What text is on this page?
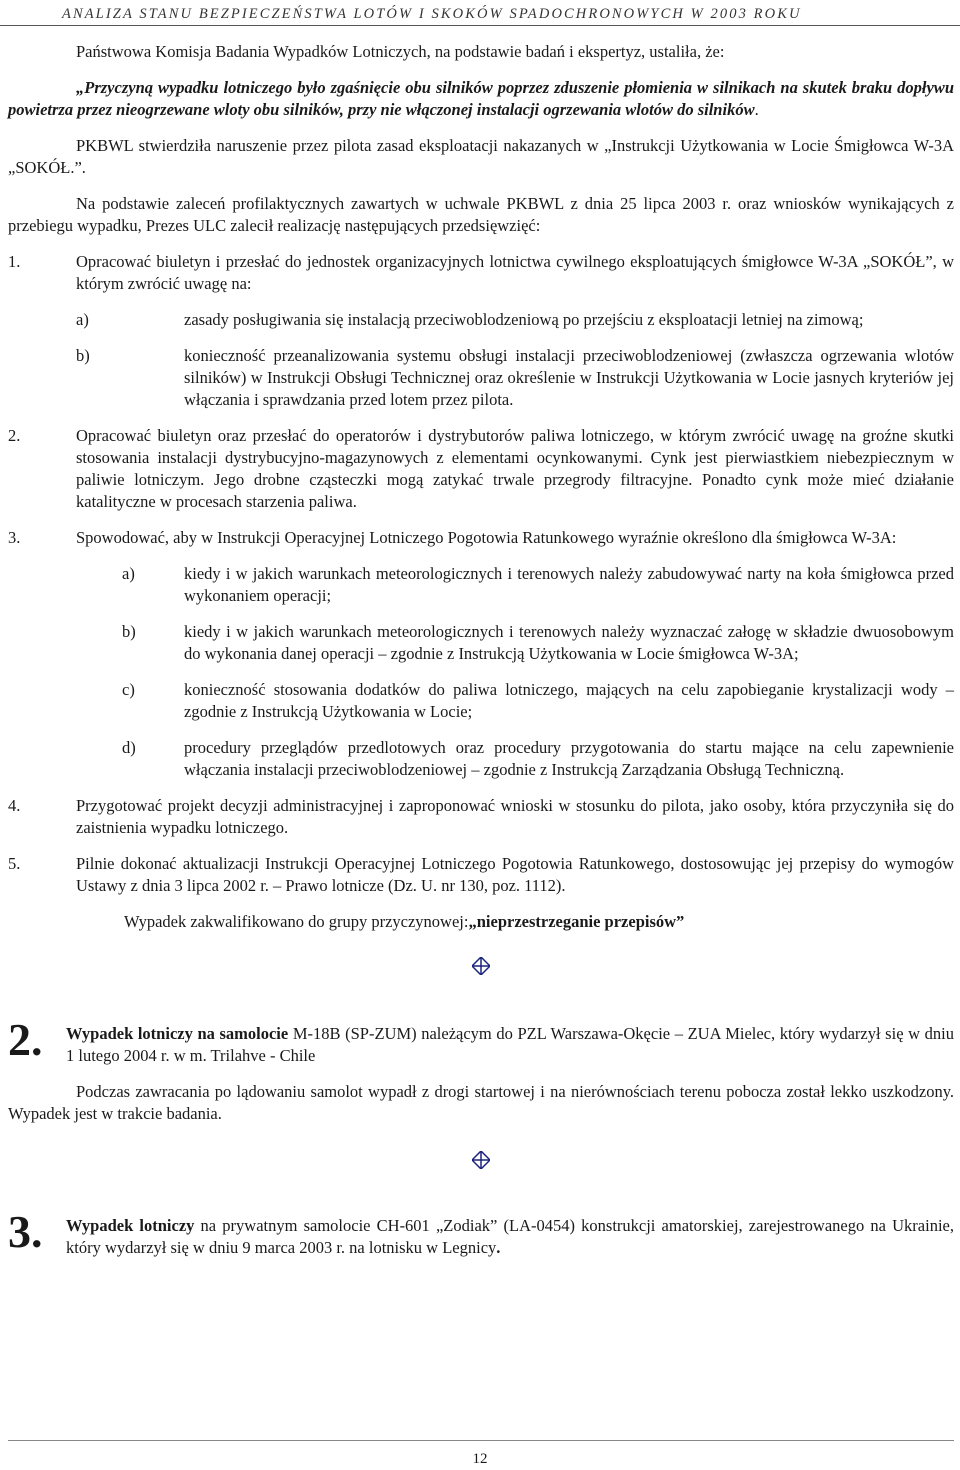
ANALIZA STANU BEZPIECZEŃSTWA LOTÓW I SKOKÓW SPADOCHRONOWYCH W 2003 ROKU

Państwowa Komisja Badania Wypadków Lotniczych, na podstawie badań i ekspertyz, ustaliła, że:

„Przyczyną wypadku lotniczego było zgaśnięcie obu silników poprzez zduszenie płomienia w silnikach na skutek braku dopływu powietrza przez nieogrzewane wloty obu silników, przy nie włączonej instalacji ogrzewania wlotów do silników.

PKBWL stwierdziła naruszenie przez pilota zasad eksploatacji nakazanych w „Instrukcji Użytkowania w Locie Śmigłowca W-3A „SOKÓŁ.”.

Na podstawie zaleceń profilaktycznych zawartych w uchwale PKBWL z dnia 25 lipca 2003 r. oraz wniosków wynikających z przebiegu wypadku, Prezes ULC zalecił realizację następujących przedsięwzięć:

1.	Opracować biuletyn i przesłać do jednostek organizacyjnych lotnictwa cywilnego eksploatujących śmigłowce W-3A „SOKÓŁ”, w którym zwrócić uwagę na:
a)	zasady posługiwania się instalacją przeciwoblodzeniową po przejściu z eksploatacji letniej na zimową;
b)	konieczność przeanalizowania systemu obsługi instalacji przeciwoblodzeniowej (zwłaszcza ogrzewania wlotów silników) w Instrukcji Obsługi Technicznej oraz określenie w Instrukcji Użytkowania w Locie jasnych kryteriów jej włączania i sprawdzania przed lotem przez pilota.
2.	Opracować biuletyn oraz przesłać do operatorów i dystrybutorów paliwa lotniczego, w którym zwrócić uwagę na groźne skutki stosowania instalacji dystrybucyjno-magazynowych z elementami ocynkowanymi. Cynk jest pierwiastkiem niebezpiecznym w paliwie lotniczym. Jego drobne cząsteczki mogą zatykać trwale przegrody filtracyjne. Ponadto cynk może mieć działanie katalityczne w procesach starzenia paliwa.
3.	Spowodować, aby w Instrukcji Operacyjnej Lotniczego Pogotowia Ratunkowego wyraźnie określono dla śmigłowca W-3A:
a)	kiedy i w jakich warunkach meteorologicznych i terenowych należy zabudowywać narty na koła śmigłowca przed wykonaniem operacji;
b)	kiedy i w jakich warunkach meteorologicznych i terenowych należy wyznaczać załogę w składzie dwuosobowym do wykonania danej operacji – zgodnie z Instrukcją Użytkowania w Locie śmigłowca W-3A;
c)	konieczność stosowania dodatków do paliwa lotniczego, mających na celu zapobieganie krystalizacji wody – zgodnie z Instrukcją Użytkowania w Locie;
d)	procedury przeglądów przedlotowych oraz procedury przygotowania do startu mające na celu zapewnienie włączania instalacji przeciwoblodzeniowej – zgodnie z Instrukcją Zarządzania Obsługą Techniczną.
4.	Przygotować projekt decyzji administracyjnej i zaproponować wnioski w stosunku do pilota, jako osoby, która przyczyniła się do zaistnienia wypadku lotniczego.
5.	Pilnie dokonać aktualizacji Instrukcji Operacyjnej Lotniczego Pogotowia Ratunkowego, dostosowując jej przepisy do wymogów Ustawy z dnia 3 lipca 2002 r. – Prawo lotnicze (Dz. U. nr 130, poz. 1112).

Wypadek zakwalifikowano do grupy przyczynowej:„nieprzestrzeganie przepisów”

2. Wypadek lotniczy na samolocie M-18B (SP-ZUM) należącym do PZL Warszawa-Okęcie – ZUA Mielec, który wydarzył się w dniu 1 lutego 2004 r. w m. Trilahve - Chile

Podczas zawracania po lądowaniu samolot wypadł z drogi startowej i na nierównościach terenu pobocza został lekko uszkodzony. Wypadek jest w trakcie badania.

3. Wypadek lotniczy na prywatnym samolocie CH-601 „Zodiak” (LA-0454) konstrukcji amatorskiej, zarejestrowanego na Ukrainie, który wydarzył się w dniu 9 marca 2003 r. na lotnisku w Legnicy.
12
